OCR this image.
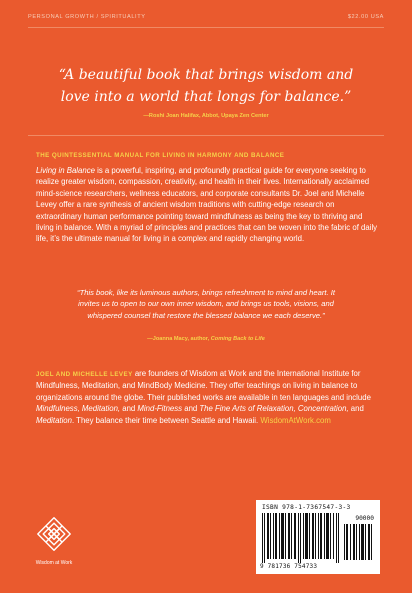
PERSONAL GROWTH / SPIRITUALITY	$22.00 USA
“A beautiful book that brings wisdom and love into a world that longs for balance.”
—Roshi Joan Halifax, Abbot, Upaya Zen Center
THE QUINTESSENTIAL MANUAL FOR LIVING IN HARMONY AND BALANCE

Living in Balance is a powerful, inspiring, and profoundly practical guide for everyone seeking to realize greater wisdom, compassion, creativity, and health in their lives. Internationally acclaimed mind-science researchers, wellness educators, and corporate consultants Dr. Joel and Michelle Levey offer a rare synthesis of ancient wisdom traditions with cutting-edge research on extraordinary human performance pointing toward mindfulness as being the key to thriving and living in balance. With a myriad of principles and practices that can be woven into the fabric of daily life, it’s the ultimate manual for living in a complex and rapidly changing world.

“This book, like its luminous authors, brings refreshment to mind and heart. It invites us to open to our own inner wisdom, and brings us tools, visions, and whispered counsel that restore the blessed balance we each deserve.”

—Joanna Macy, author, Coming Back to Life

JOEL AND MICHELLE LEVEY are founders of Wisdom at Work and the International Institute for Mindfulness, Meditation, and MindBody Medicine. They offer teachings on living in balance to organizations around the globe. Their published works are available in ten languages and include Mindfulness, Meditation, and Mind-Fitness and The Fine Arts of Relaxation, Concentration, and Meditation. They balance their time between Seattle and Hawaii. WisdomAtWork.com

Wisdom at Work
ISBN 978-1-7367547-3-3
90000
9 781736 754733
